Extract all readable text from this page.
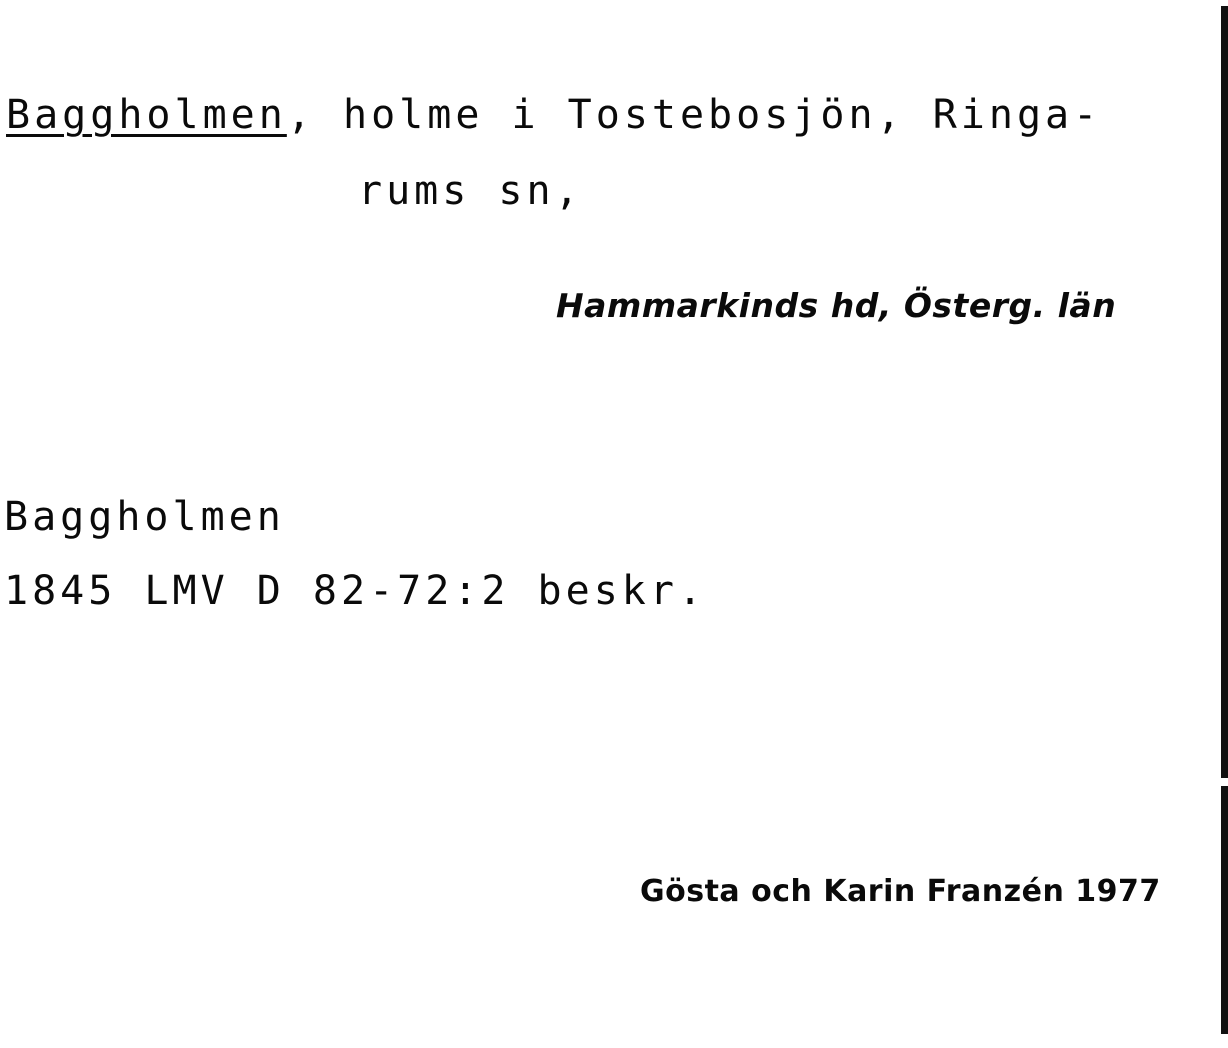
Baggholmen, holme i Tostebosjön, Ringa-
rums sn,
Hammarkinds hd, Österg. län
Baggholmen
1845 LMV D 82-72:2 beskr.
Gösta och Karin Franzén 1977
